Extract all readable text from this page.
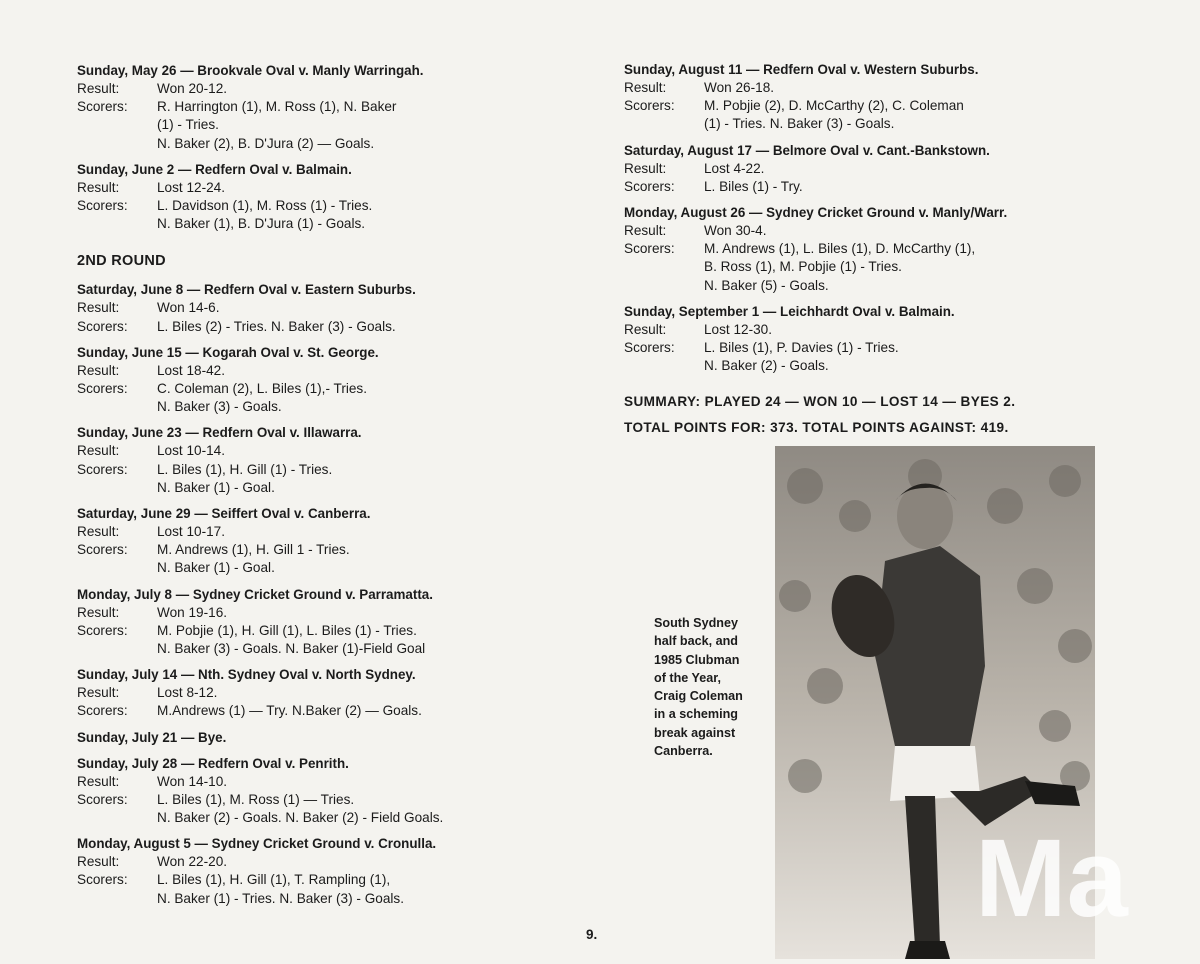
Sunday, May 26 — Brookvale Oval v. Manly Warringah.
Result:	Won 20-12.
Scorers:	R. Harrington (1), M. Ross (1), N. Baker
(1) - Tries.
N. Baker (2), B. D'Jura (2) — Goals.
Sunday, June 2 — Redfern Oval v. Balmain.
Result:	Lost 12-24.
Scorers:	L. Davidson (1), M. Ross (1) - Tries.
N. Baker (1), B. D'Jura (1) - Goals.
2ND ROUND
Saturday, June 8 — Redfern Oval v. Eastern Suburbs.
Result:	Won 14-6.
Scorers:	L. Biles (2) - Tries. N. Baker (3) - Goals.
Sunday, June 15 — Kogarah Oval v. St. George.
Result:	Lost 18-42.
Scorers:	C. Coleman (2), L. Biles (1),- Tries.
N. Baker (3) - Goals.
Sunday, June 23 — Redfern Oval v. Illawarra.
Result:	Lost 10-14.
Scorers:	L. Biles (1), H. Gill (1) - Tries.
N. Baker (1) - Goal.
Saturday, June 29 — Seiffert Oval v. Canberra.
Result:	Lost 10-17.
Scorers:	M. Andrews (1), H. Gill 1 - Tries.
N. Baker (1) - Goal.
Monday, July 8 — Sydney Cricket Ground v. Parramatta.
Result:	Won 19-16.
Scorers:	M. Pobjie (1), H. Gill (1), L. Biles (1) - Tries.
N. Baker (3) - Goals. N. Baker (1)-Field Goal
Sunday, July 14 — Nth. Sydney Oval v. North Sydney.
Result:	Lost 8-12.
Scorers:	M.Andrews (1) — Try. N.Baker (2) — Goals.
Sunday, July 21 — Bye.
Sunday, July 28 — Redfern Oval v. Penrith.
Result:	Won 14-10.
Scorers:	L. Biles (1), M. Ross (1) — Tries.
N. Baker (2) - Goals. N. Baker (2) - Field Goals.
Monday, August 5 — Sydney Cricket Ground v. Cronulla.
Result:	Won 22-20.
Scorers:	L. Biles (1), H. Gill (1), T. Rampling (1),
N. Baker (1) - Tries. N. Baker (3) - Goals.
Sunday, August 11 — Redfern Oval v. Western Suburbs.
Result:	Won 26-18.
Scorers:	M. Pobjie (2), D. McCarthy (2), C. Coleman
(1) - Tries. N. Baker (3) - Goals.
Saturday, August 17 — Belmore Oval v. Cant.-Bankstown.
Result:	Lost 4-22.
Scorers:	L. Biles (1) - Try.
Monday, August 26 — Sydney Cricket Ground v. Manly/Warr.
Result:	Won 30-4.
Scorers:	M. Andrews (1), L. Biles (1), D. McCarthy (1),
B. Ross (1), M. Pobjie (1) - Tries.
N. Baker (5) - Goals.
Sunday, September 1 — Leichhardt Oval v. Balmain.
Result:	Lost 12-30.
Scorers:	L. Biles (1), P. Davies (1) - Tries.
N. Baker (2) - Goals.
SUMMARY: PLAYED 24 — WON 10 — LOST 14 — BYES 2.
TOTAL POINTS FOR: 373. TOTAL POINTS AGAINST: 419.
South Sydney
half back, and
1985 Clubman
of the Year,
Craig Coleman
in a scheming
break against
Canberra.
Ma
9.
